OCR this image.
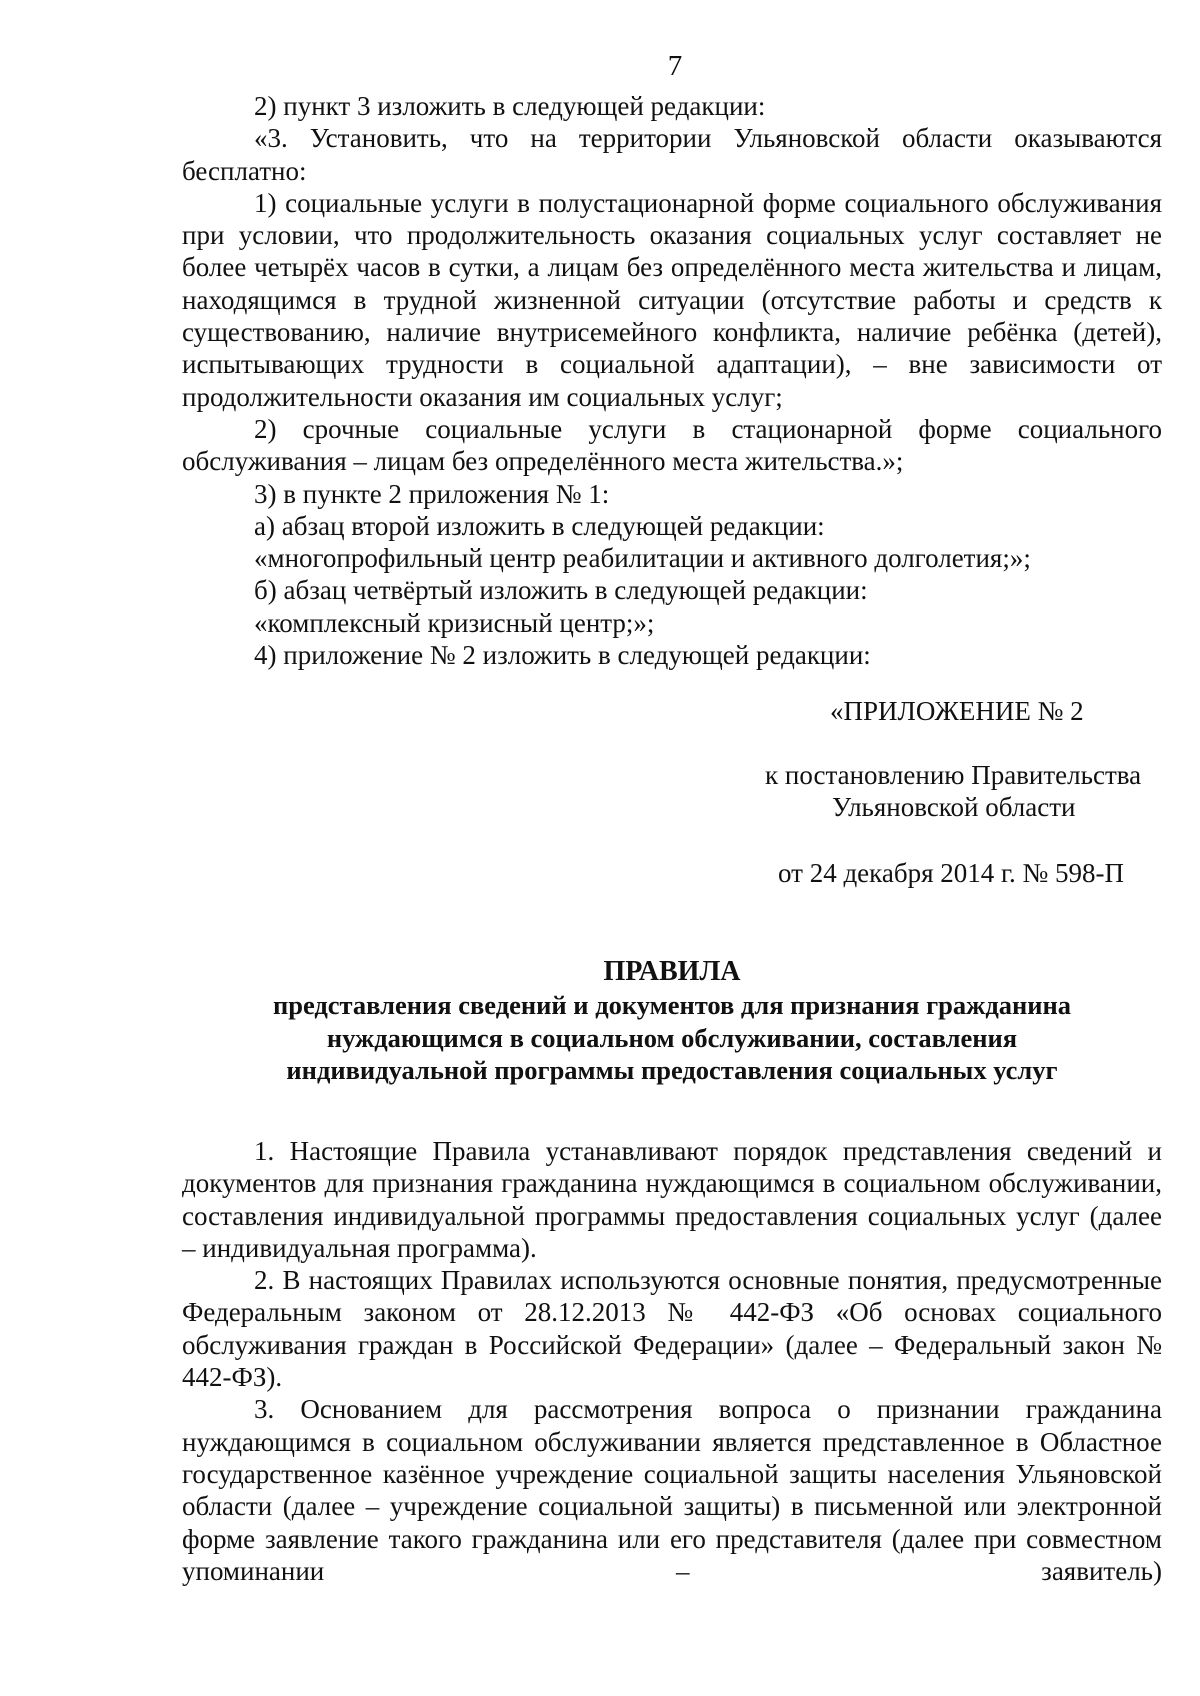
7

2) пункт 3 изложить в следующей редакции:

«3. Установить, что на территории Ульяновской области оказываются бесплатно:

1) социальные услуги в полустационарной форме социального обслуживания при условии, что продолжительность оказания социальных услуг составляет не более четырёх часов в сутки, а лицам без определённого места жительства и лицам, находящимся в трудной жизненной ситуации (отсутствие работы и средств к существованию, наличие внутрисемейного конфликта, наличие ребёнка (детей), испытывающих трудности в социальной адаптации), – вне зависимости от продолжительности оказания им социальных услуг;

2) срочные социальные услуги в стационарной форме социального обслуживания – лицам без определённого места жительства.»;

3) в пункте 2 приложения № 1:

а) абзац второй изложить в следующей редакции:

«многопрофильный центр реабилитации и активного долголетия;»;

б) абзац четвёртый изложить в следующей редакции:

«комплексный кризисный центр;»;

4) приложение № 2 изложить в следующей редакции:

«ПРИЛОЖЕНИЕ № 2
к постановлению Правительства
Ульяновской области
от 24 декабря 2014 г. № 598-П
ПРАВИЛА
представления сведений и документов для признания гражданина
нуждающимся в социальном обслуживании, составления
индивидуальной программы предоставления социальных услуг

1. Настоящие Правила устанавливают порядок представления сведений и документов для признания гражданина нуждающимся в социальном обслуживании, составления индивидуальной программы предоставления социальных услуг (далее – индивидуальная программа).

2. В настоящих Правилах используются основные понятия, предусмотренные Федеральным законом от 28.12.2013 № 442-ФЗ «Об основах социального обслуживания граждан в Российской Федерации» (далее – Федеральный закон № 442-ФЗ).

3. Основанием для рассмотрения вопроса о признании гражданина нуждающимся в социальном обслуживании является представленное в Областное государственное казённое учреждение социальной защиты населения Ульяновской области (далее – учреждение социальной защиты) в письменной или электронной форме заявление такого гражданина или его представителя (далее при совместном упоминании – заявитель)
